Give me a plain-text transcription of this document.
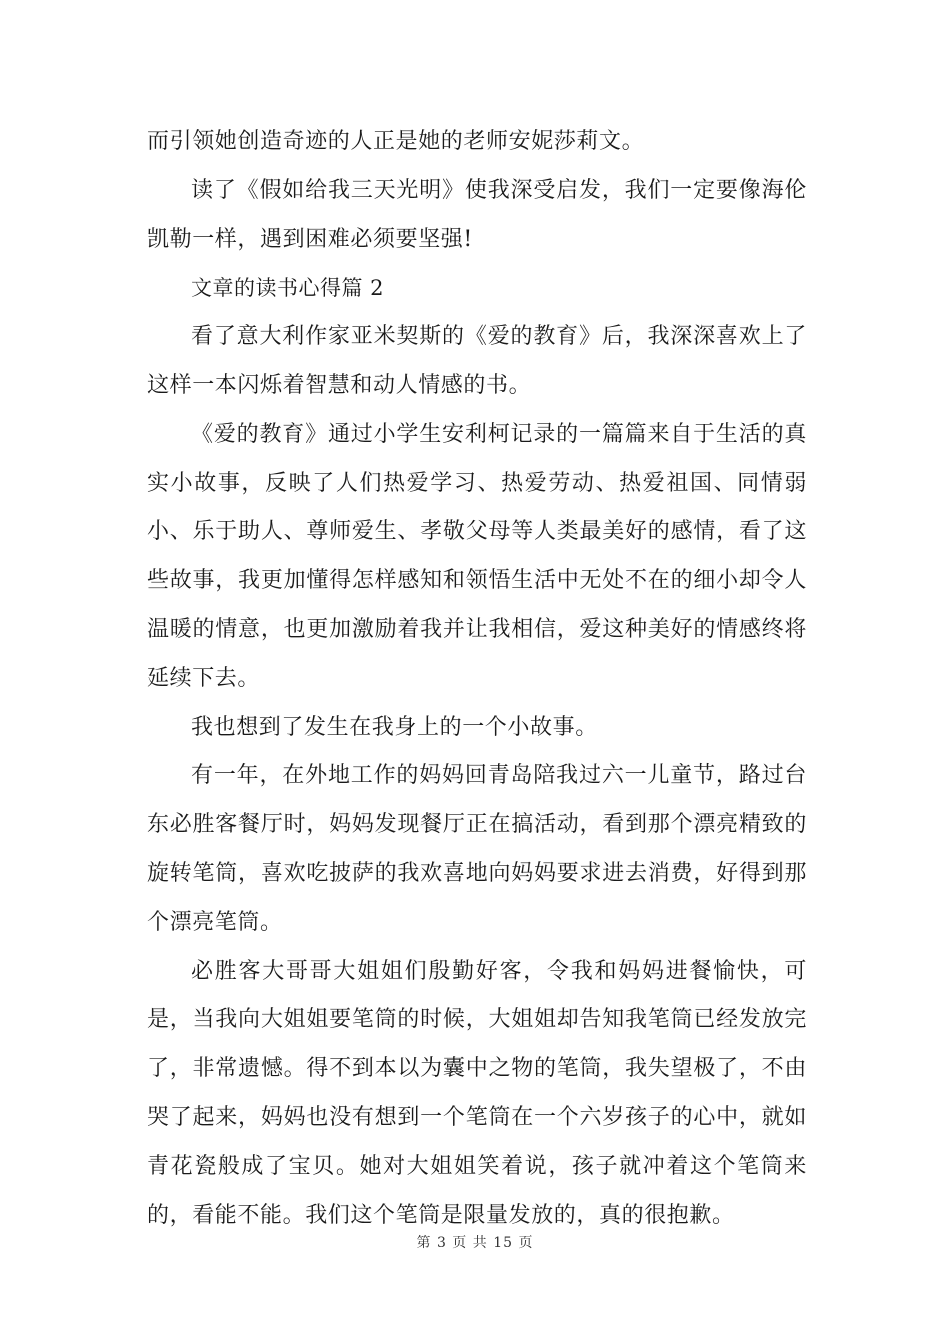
而引领她创造奇迹的人正是她的老师安妮莎莉文。

读了《假如给我三天光明》使我深受启发，我们一定要像海伦凯勒一样，遇到困难必须要坚强!

文章的读书心得篇 2

看了意大利作家亚米契斯的《爱的教育》后，我深深喜欢上了这样一本闪烁着智慧和动人情感的书。

《爱的教育》通过小学生安利柯记录的一篇篇来自于生活的真实小故事，反映了人们热爱学习、热爱劳动、热爱祖国、同情弱小、乐于助人、尊师爱生、孝敬父母等人类最美好的感情，看了这些故事，我更加懂得怎样感知和领悟生活中无处不在的细小却令人温暖的情意，也更加激励着我并让我相信，爱这种美好的情感终将延续下去。

我也想到了发生在我身上的一个小故事。

有一年，在外地工作的妈妈回青岛陪我过六一儿童节，路过台东必胜客餐厅时，妈妈发现餐厅正在搞活动，看到那个漂亮精致的旋转笔筒，喜欢吃披萨的我欢喜地向妈妈要求进去消费，好得到那个漂亮笔筒。

必胜客大哥哥大姐姐们殷勤好客，令我和妈妈进餐愉快，可是，当我向大姐姐要笔筒的时候，大姐姐却告知我笔筒已经发放完了，非常遗憾。得不到本以为囊中之物的笔筒，我失望极了，不由哭了起来，妈妈也没有想到一个笔筒在一个六岁孩子的心中，就如青花瓷般成了宝贝。她对大姐姐笑着说，孩子就冲着这个笔筒来的，看能不能。我们这个笔筒是限量发放的，真的很抱歉。

第 3 页 共 15 页
